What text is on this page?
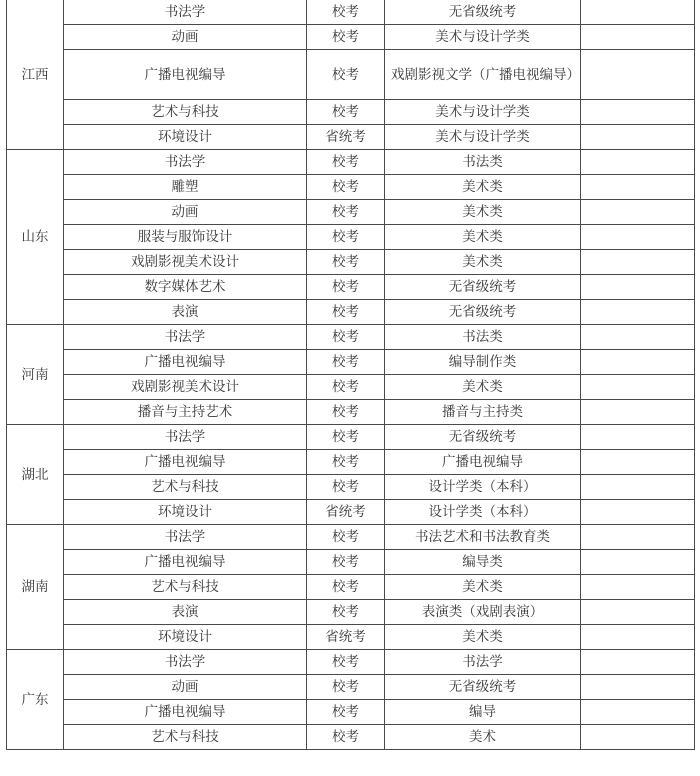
江西	书法学	校考	无省级统考	
	动画	校考	美术与设计学类	
	广播电视编导	校考	戏剧影视文学（广播电视编导）	
	艺术与科技	校考	美术与设计学类	
	环境设计	省统考	美术与设计学类	
山东	书法学	校考	书法类	
	雕塑	校考	美术类	
	动画	校考	美术类	
	服装与服饰设计	校考	美术类	
	戏剧影视美术设计	校考	美术类	
	数字媒体艺术	校考	无省级统考	
	表演	校考	无省级统考	
河南	书法学	校考	书法类	
	广播电视编导	校考	编导制作类	
	戏剧影视美术设计	校考	美术类	
	播音与主持艺术	校考	播音与主持类	
湖北	书法学	校考	无省级统考	
	广播电视编导	校考	广播电视编导	
	艺术与科技	校考	设计学类（本科）	
	环境设计	省统考	设计学类（本科）	
湖南	书法学	校考	书法艺术和书法教育类	
	广播电视编导	校考	编导类	
	艺术与科技	校考	美术类	
	表演	校考	表演类（戏剧表演）	
	环境设计	省统考	美术类	
广东	书法学	校考	书法学	
	动画	校考	无省级统考	
	广播电视编导	校考	编导	
	艺术与科技	校考	美术	
